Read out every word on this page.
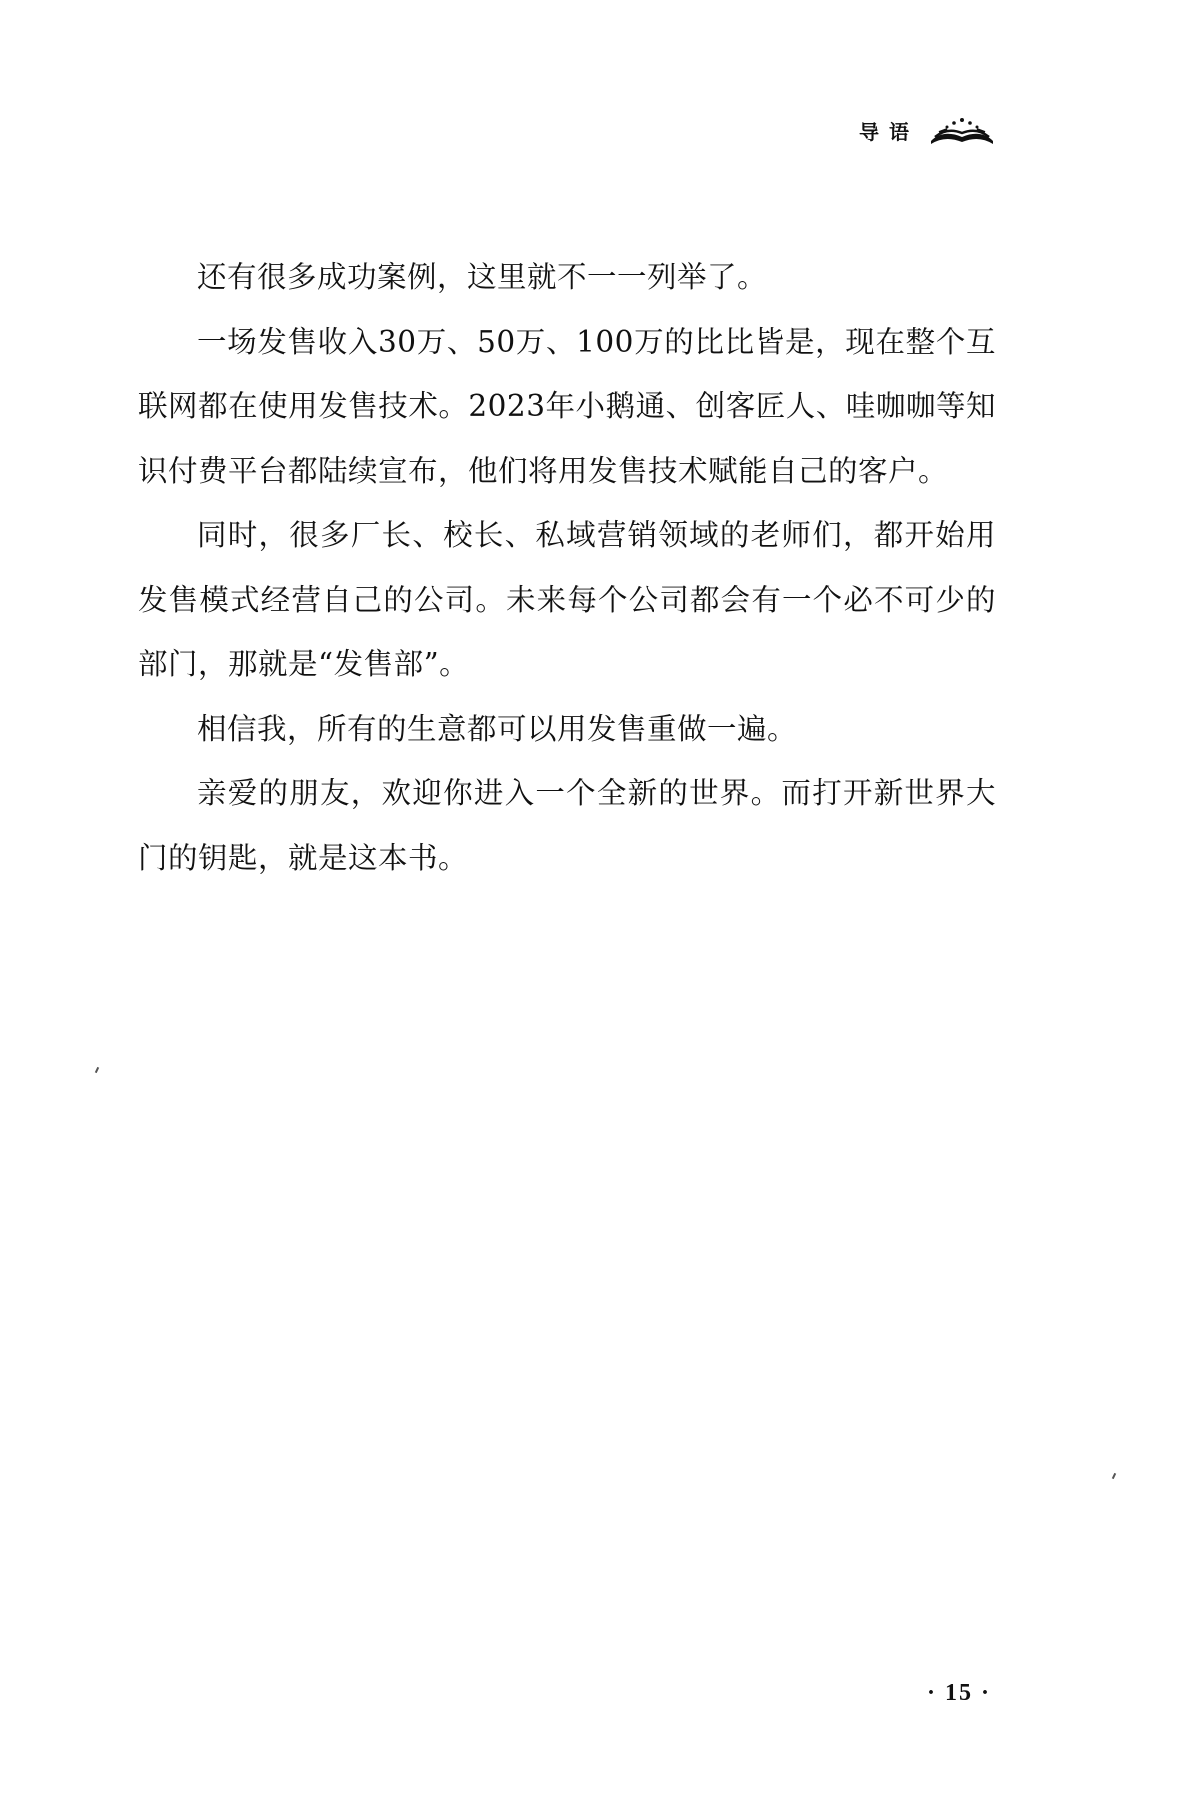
导语

还有很多成功案例，这里就不一一列举了。

一场发售收入30万、50万、100万的比比皆是，现在整个互联网都在使用发售技术。2023年小鹅通、创客匠人、哇咖咖等知识付费平台都陆续宣布，他们将用发售技术赋能自己的客户。

同时，很多厂长、校长、私域营销领域的老师们，都开始用发售模式经营自己的公司。未来每个公司都会有一个必不可少的部门，那就是“发售部”。

相信我，所有的生意都可以用发售重做一遍。

亲爱的朋友，欢迎你进入一个全新的世界。而打开新世界大门的钥匙，就是这本书。

· 15 ·
